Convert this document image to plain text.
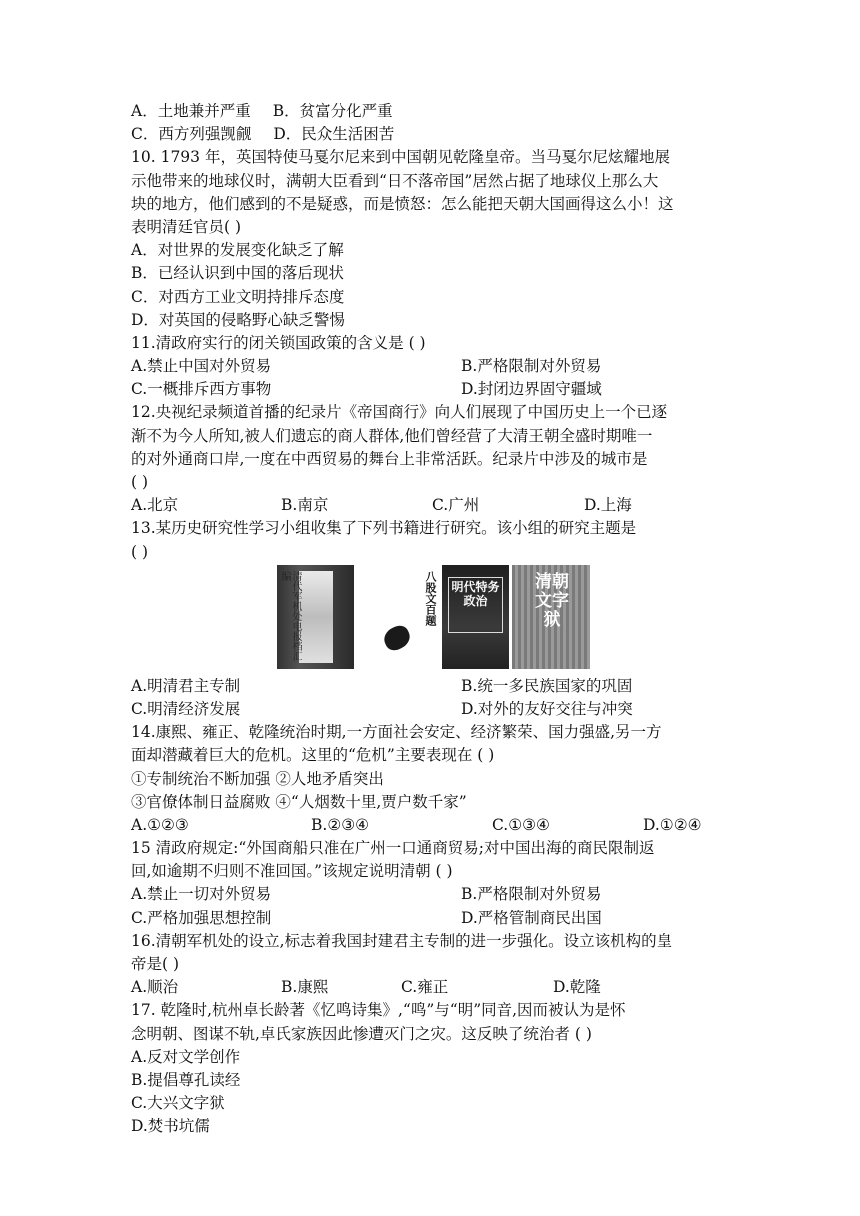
A．土地兼并严重 B．贫富分化严重
C．西方列强觊觎 D．民众生活困苦
10. 1793 年，英国特使马戛尔尼来到中国朝见乾隆皇帝。当马戛尔尼炫耀地展
示他带来的地球仪时，满朝大臣看到“日不落帝国”居然占据了地球仪上那么大
块的地方，他们感到的不是疑惑，而是愤怒：怎么能把天朝大国画得这么小！这
表明清廷官员( )
A．对世界的发展变化缺乏了解
B．已经认识到中国的落后现状
C．对西方工业文明持排斥态度
D．对英国的侵略野心缺乏警惕
11.清政府实行的闭关锁国政策的含义是 ( )
A.禁止中国对外贸易	B.严格限制对外贸易
C.一概排斥西方事物	D.封闭边界固守疆域
12.央视纪录频道首播的纪录片《帝国商行》向人们展现了中国历史上一个已逐
渐不为今人所知,被人们遗忘的商人群体,他们曾经营了大清王朝全盛时期唯一
的对外通商口岸,一度在中西贸易的舞台上非常活跃。纪录片中涉及的城市是
( )
A.北京	B.南京	C.广州	D.上海
13.某历史研究性学习小组收集了下列书籍进行研究。该小组的研究主题是
( )
清代军机处电报档汇编	八股文百题 明代特务政治
清朝文字狱
A.明清君主专制	B.统一多民族国家的巩固
C.明清经济发展	D.对外的友好交往与冲突
14.康熙、雍正、乾隆统治时期,一方面社会安定、经济繁荣、国力强盛,另一方
面却潜藏着巨大的危机。这里的“危机”主要表现在 ( )
①专制统治不断加强 ②人地矛盾突出
③官僚体制日益腐败 ④“人烟数十里,贾户数千家”
A.①②③	B.②③④	C.①③④	D.①②④
15 清政府规定:“外国商船只准在广州一口通商贸易;对中国出海的商民限制返
回,如逾期不归则不准回国。”该规定说明清朝 ( )
A.禁止一切对外贸易	B.严格限制对外贸易
C.严格加强思想控制	D.严格管制商民出国
16.清朝军机处的设立,标志着我国封建君主专制的进一步强化。设立该机构的皇
帝是( )
A.顺治	B.康熙	C.雍正	D.乾隆
17. 乾隆时,杭州卓长龄著《忆鸣诗集》,“鸣”与“明”同音,因而被认为是怀
念明朝、图谋不轨,卓氏家族因此惨遭灭门之灾。这反映了统治者 ( )
A.反对文学创作
B.提倡尊孔读经
C.大兴文字狱
D.焚书坑儒
